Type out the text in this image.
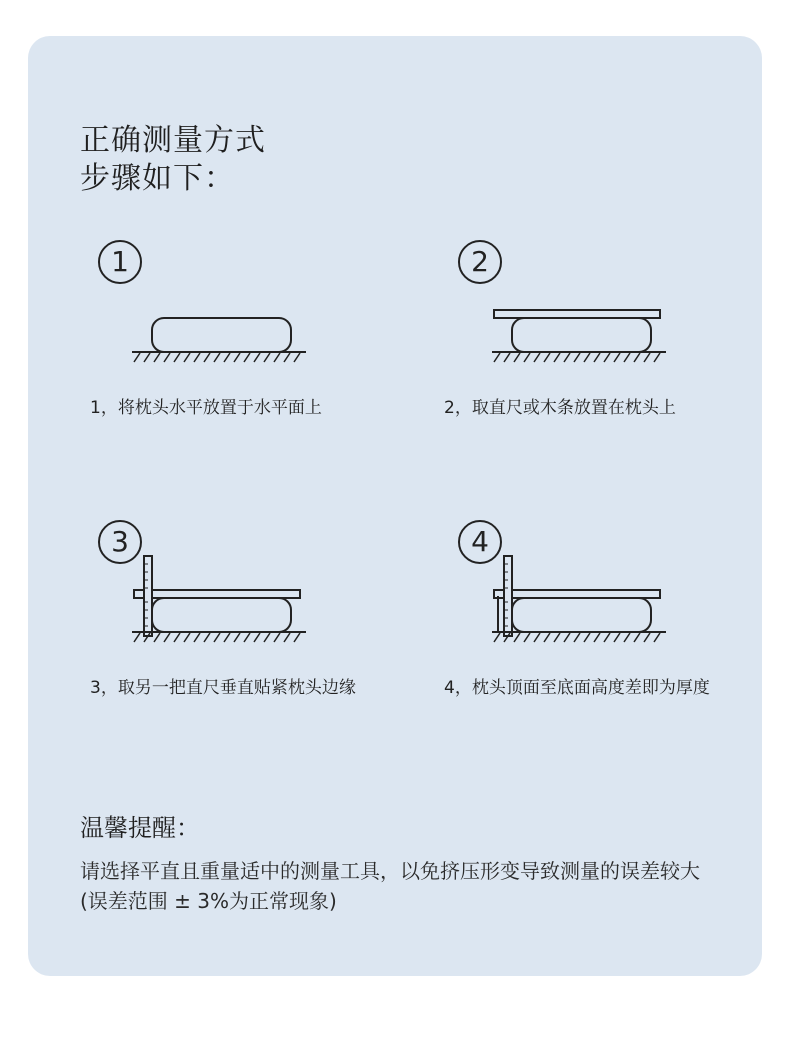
正确测量方式
步骤如下：
1
1，将枕头水平放置于水平面上
2
2，取直尺或木条放置在枕头上
3
3，取另一把直尺垂直贴紧枕头边缘
4
4，枕头顶面至底面高度差即为厚度
温馨提醒：
请选择平直且重量适中的测量工具，以免挤压形变导致测量的误差较大(误差范围 ± 3%为正常现象)
